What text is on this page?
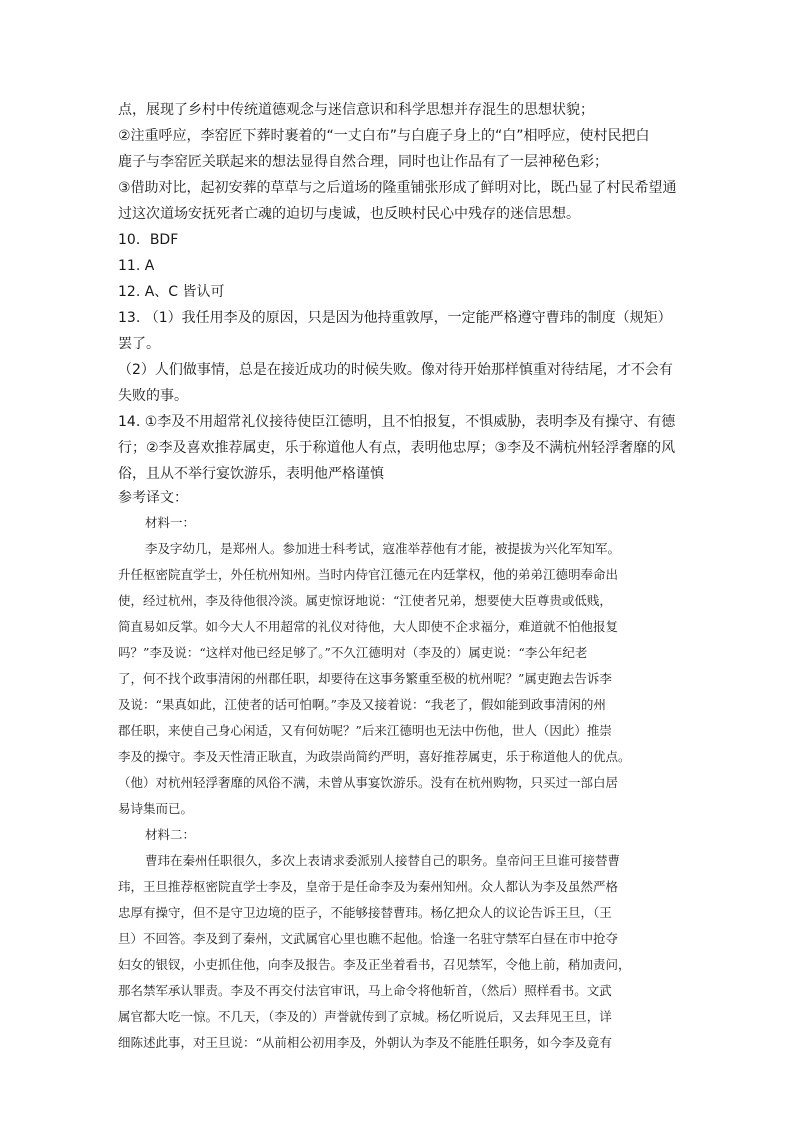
点，展现了乡村中传统道德观念与迷信意识和科学思想并存混生的思想状貌；
②注重呼应，李窑匠下葬时裹着的“一丈白布”与白鹿子身上的“白”相呼应，使村民把白
鹿子与李窑匠关联起来的想法显得自然合理，同时也让作品有了一层神秘色彩；
③借助对比，起初安葬的草草与之后道场的隆重铺张形成了鲜明对比，既凸显了村民希望通
过这次道场安抚死者亡魂的迫切与虔诚，也反映村民心中残存的迷信思想。
10．BDF
11. A
12. A、C 皆认可
13. （1）我任用李及的原因，只是因为他持重敦厚，一定能严格遵守曹玮的制度（规矩）
罢了。
（2）人们做事情，总是在接近成功的时候失败。像对待开始那样慎重对待结尾，才不会有
失败的事。
14. ①李及不用超常礼仪接待使臣江德明，且不怕报复，不惧威胁，表明李及有操守、有德
行；②李及喜欢推荐属吏，乐于称道他人有点，表明他忠厚；③李及不满杭州轻浮奢靡的风
俗，且从不举行宴饮游乐，表明他严格谨慎
参考译文：
材料一：
李及字幼几，是郑州人。参加进士科考试，寇准举荐他有才能，被提拔为兴化军知军。
升任枢密院直学士，外任杭州知州。当时内侍官江德元在内廷掌权，他的弟弟江德明奉命出
使，经过杭州，李及待他很冷淡。属吏惊讶地说：“江使者兄弟，想要使大臣尊贵或低贱，
简直易如反掌。如今大人不用超常的礼仪对待他，大人即使不企求福分，难道就不怕他报复
吗？”李及说：“这样对他已经足够了。”不久江德明对（李及的）属吏说：“李公年纪老
了，何不找个政事清闲的州郡任职，却要待在这事务繁重至极的杭州呢？”属吏跑去告诉李
及说：“果真如此，江使者的话可怕啊。”李及又接着说：“我老了，假如能到政事清闲的州
郡任职，来使自己身心闲适，又有何妨呢？”后来江德明也无法中伤他，世人（因此）推崇
李及的操守。李及天性清正耿直，为政崇尚简约严明，喜好推荐属吏，乐于称道他人的优点。
（他）对杭州轻浮奢靡的风俗不满，未曾从事宴饮游乐。没有在杭州购物，只买过一部白居
易诗集而已。
材料二：
曹玮在秦州任职很久，多次上表请求委派别人接替自己的职务。皇帝问王旦谁可接替曹
玮，王旦推荐枢密院直学士李及，皇帝于是任命李及为秦州知州。众人都认为李及虽然严格
忠厚有操守，但不是守卫边境的臣子，不能够接替曹玮。杨亿把众人的议论告诉王旦，（王
旦）不回答。李及到了秦州，文武属官心里也瞧不起他。恰逢一名驻守禁军白昼在市中抢夺
妇女的银钗，小吏抓住他，向李及报告。李及正坐着看书，召见禁军，令他上前，稍加责问，
那名禁军承认罪责。李及不再交付法官审讯，马上命令将他斩首，（然后）照样看书。文武
属官都大吃一惊。不几天，（李及的）声誉就传到了京城。杨亿听说后，又去拜见王旦，详
细陈述此事，对王旦说：“从前相公初用李及，外朝认为李及不能胜任职务，如今李及竟有
